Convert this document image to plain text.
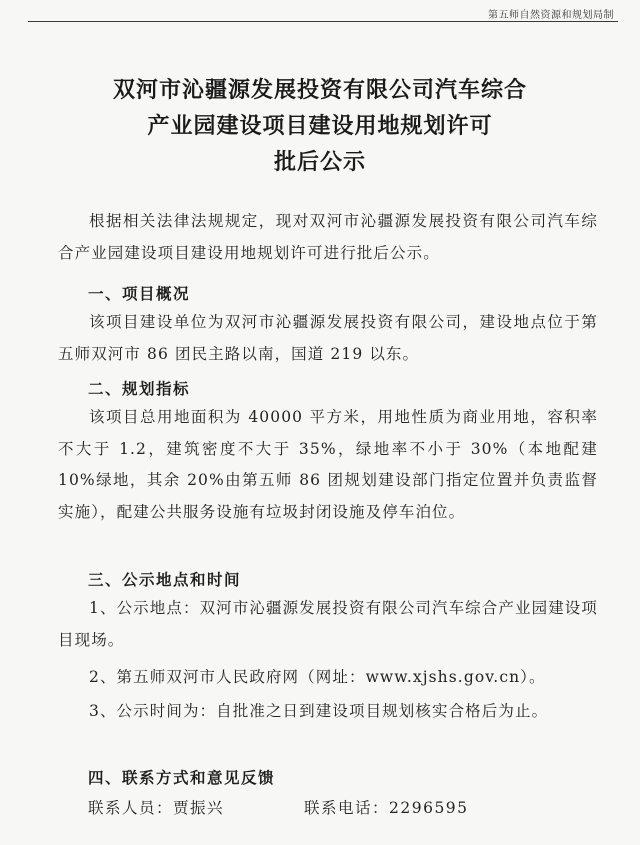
第五师自然资源和规划局制
双河市沁疆源发展投资有限公司汽车综合
产业园建设项目建设用地规划许可
批后公示
根据相关法律法规规定，现对双河市沁疆源发展投资有限公司汽车综合产业园建设项目建设用地规划许可进行批后公示。
一、项目概况
该项目建设单位为双河市沁疆源发展投资有限公司，建设地点位于第五师双河市 86 团民主路以南，国道 219 以东。
二、规划指标
该项目总用地面积为 40000 平方米，用地性质为商业用地，容积率不大于 1.2，建筑密度不大于 35%，绿地率不小于 30%（本地配建 10%绿地，其余 20%由第五师 86 团规划建设部门指定位置并负责监督实施），配建公共服务设施有垃圾封闭设施及停车泊位。
三、公示地点和时间
1、公示地点：双河市沁疆源发展投资有限公司汽车综合产业园建设项目现场。
2、第五师双河市人民政府网（网址：www.xjshs.gov.cn）。
3、公示时间为：自批准之日到建设项目规划核实合格后为止。
四、联系方式和意见反馈
联系人员：贾振兴	联系电话：2296595
